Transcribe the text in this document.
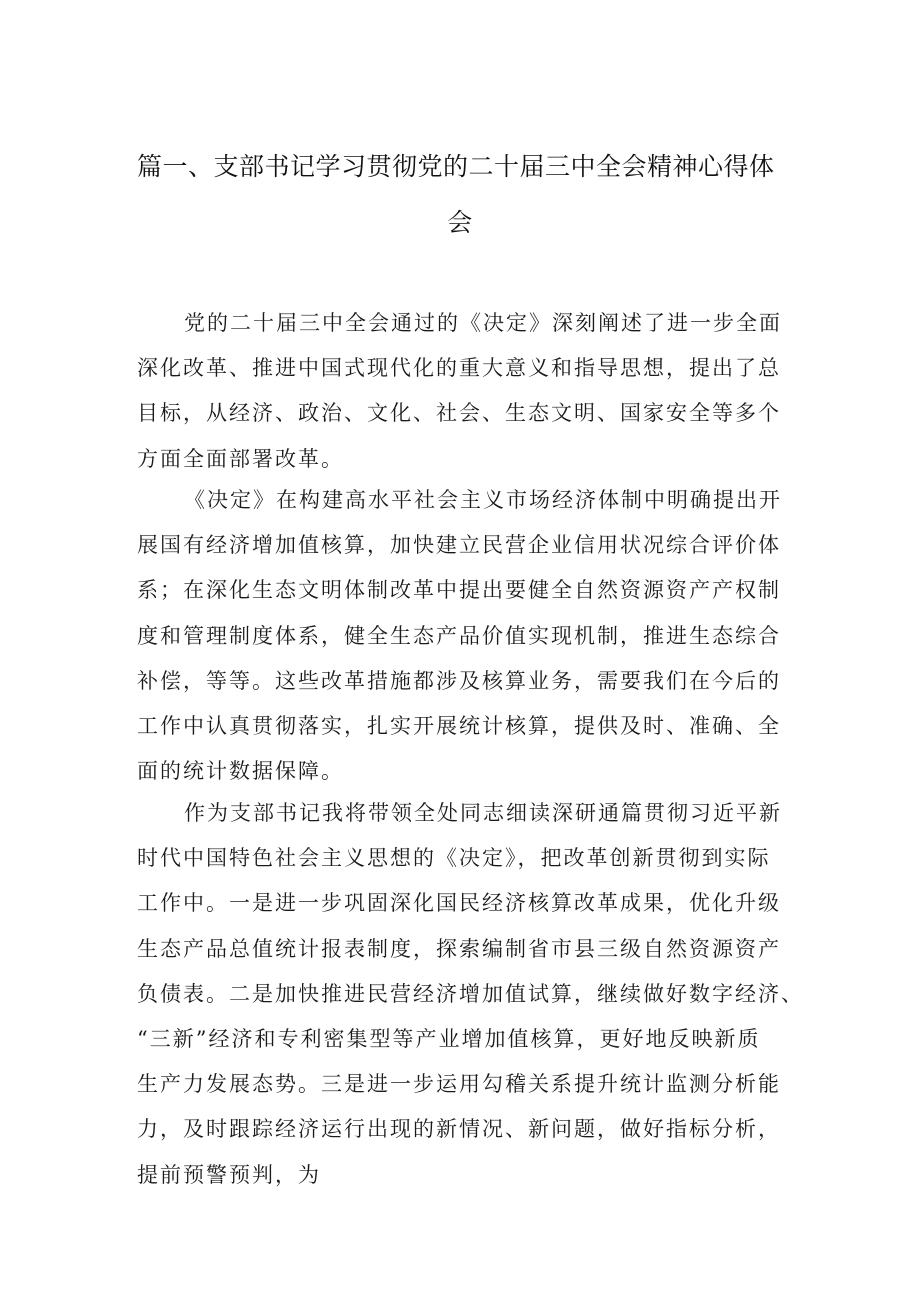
篇一、支部书记学习贯彻党的二十届三中全会精神心得体
会
党的二十届三中全会通过的《决定》深刻阐述了进一步全面
深化改革、推进中国式现代化的重大意义和指导思想，提出了总
目标，从经济、政治、文化、社会、生态文明、国家安全等多个
方面全面部署改革。
《决定》在构建高水平社会主义市场经济体制中明确提出开
展国有经济增加值核算，加快建立民营企业信用状况综合评价体
系；在深化生态文明体制改革中提出要健全自然资源资产产权制
度和管理制度体系，健全生态产品价值实现机制，推进生态综合
补偿，等等。这些改革措施都涉及核算业务，需要我们在今后的
工作中认真贯彻落实，扎实开展统计核算，提供及时、准确、全
面的统计数据保障。
作为支部书记我将带领全处同志细读深研通篇贯彻习近平新
时代中国特色社会主义思想的《决定》，把改革创新贯彻到实际
工作中。一是进一步巩固深化国民经济核算改革成果，优化升级
生态产品总值统计报表制度，探索编制省市县三级自然资源资产
负债表。二是加快推进民营经济增加值试算，继续做好数字经济、
“三新”经济和专利密集型等产业增加值核算，更好地反映新质
生产力发展态势。三是进一步运用勾稽关系提升统计监测分析能
力，及时跟踪经济运行出现的新情况、新问题，做好指标分析，
提前预警预判，为
